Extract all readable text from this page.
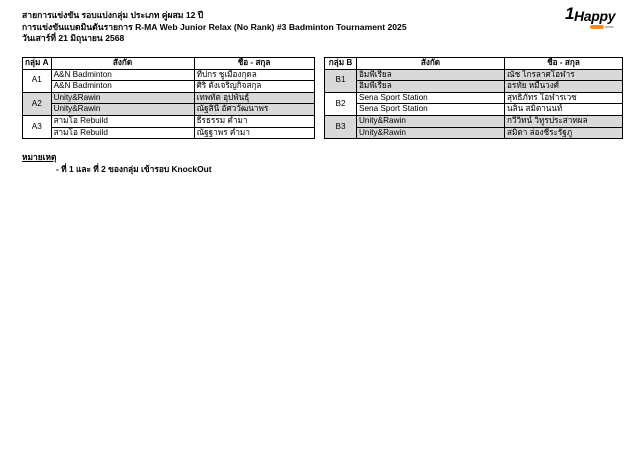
สายการแข่งขัน รอบแบ่งกลุ่ม ประเภท คู่ผสม 12 ปี
การแข่งขันแบดมินตันรายการ R-MA Web Junior Relax (No Rank) #3 Badminton Tournament 2025
วันเสาร์ที่ 21 มิถุนายน 2568
1 Happy
ness
กลุ่ม A	สังกัด	ชื่อ - สกุล
A1	A&N Badminton	ทีปกร ชูเมืองกุดล
	A&N Badminton	ศิริ ตั้งเจริญกิจสกุล
A2	Unity&Rawin	เทพทัต อุปพันธุ์
	Unity&Rawin	ณัฐสินี อัศววัฒนาพร
A3	สามโอ Rebuild	ธีรธรรม คำมา
	สามโอ Rebuild	ณัฐฐาพร คำมา
กลุ่ม B	สังกัด	ชื่อ - สกุล
B1	อิมพีเรียล	ณัช ไกรลาศโอฬาร
	อิมพีเรียล	อรทัย หมื่นวงศ์
B2	Sena Sport Station	สุทธิภัทร โอฬารเวช
	Sena Sport Station	นลิน สมิตานนท์
B3	Unity&Rawin	กวีวิทน์ วิทูรประสาทผล
	Unity&Rawin	สมิตา ล่องชีระรัฐภู
หมายเหตุ
- ที่ 1 และ ที่ 2 ของกลุ่ม เข้ารอบ KnockOut
